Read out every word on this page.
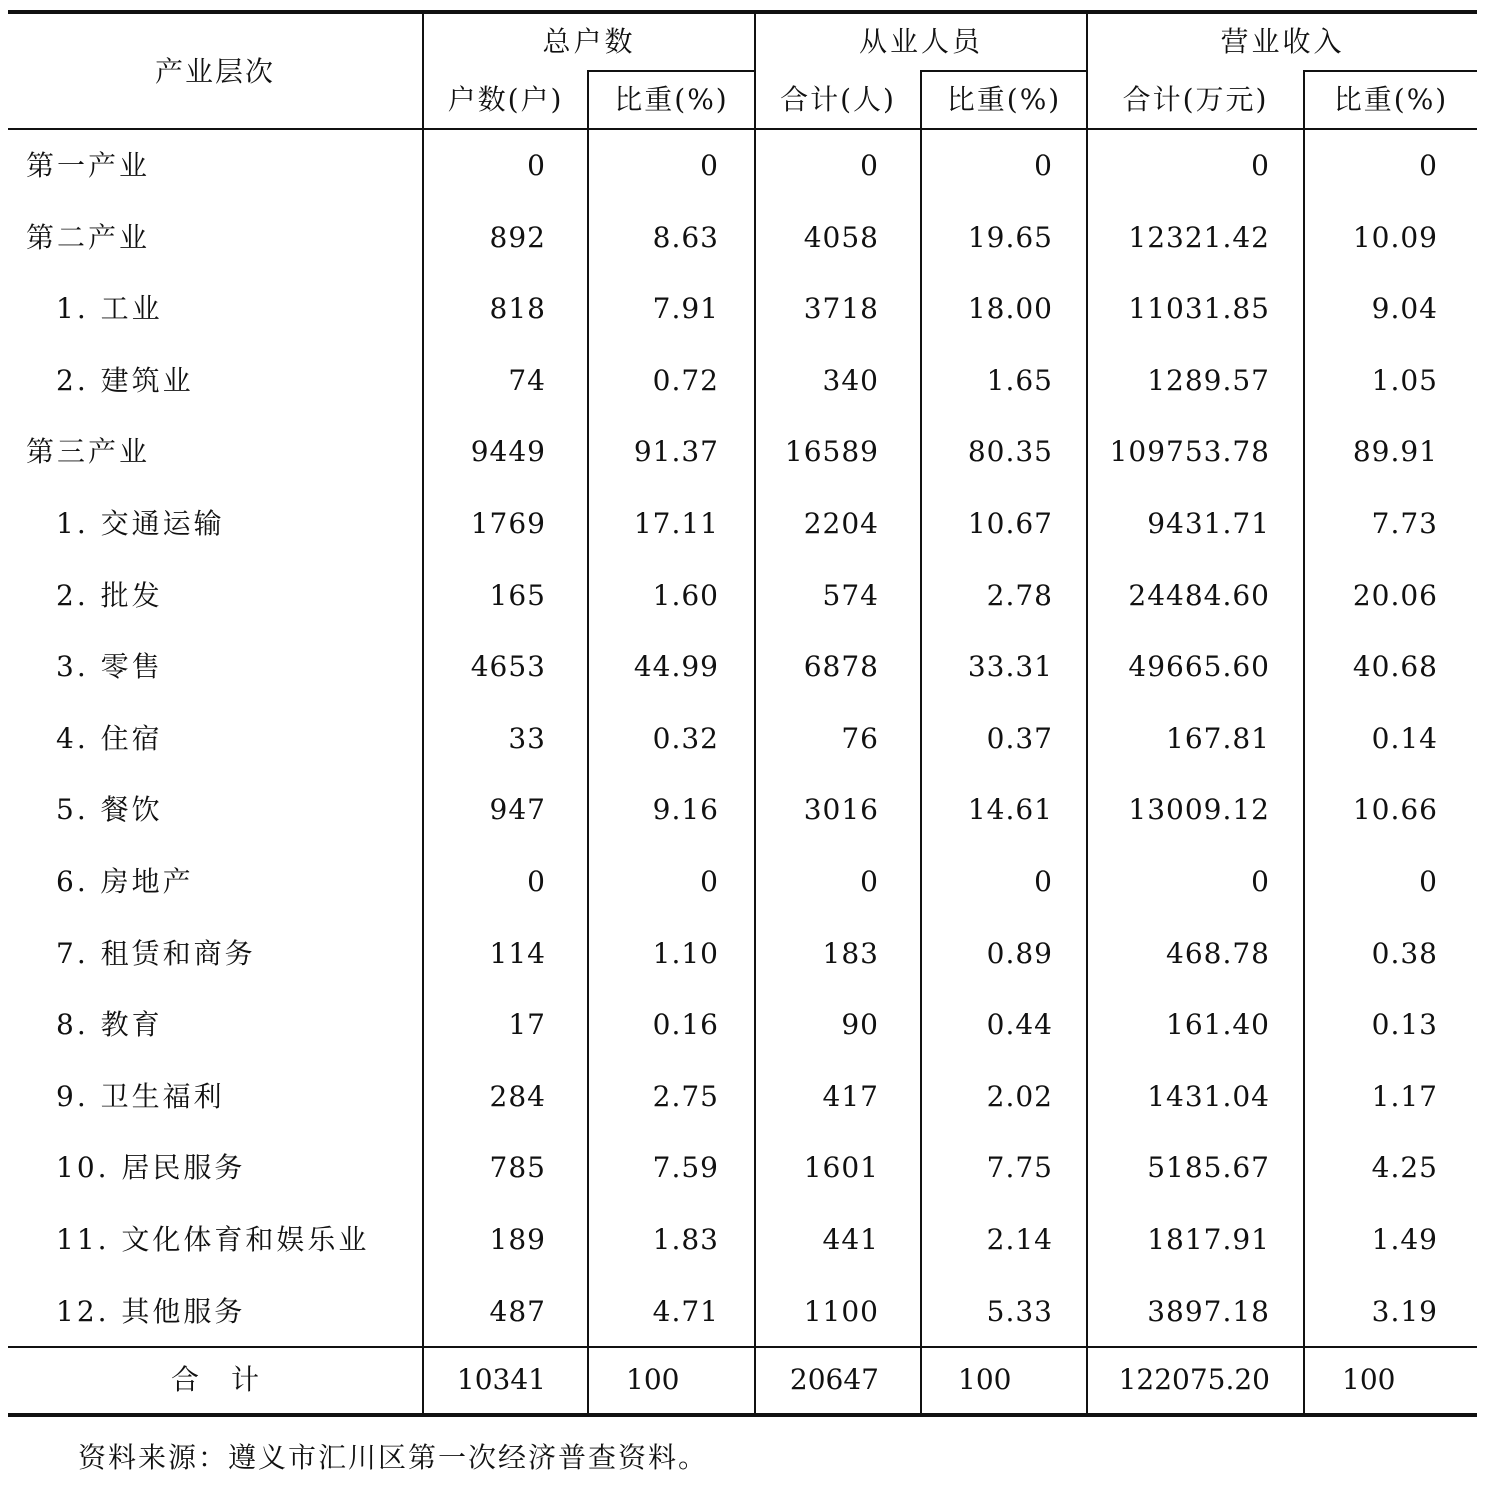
产业层次
总户数	从业人员	营业收入
户数(户)	比重(%)	合计(人)	比重(%)	合计(万元)	比重(%)
第一产业	0	0	0	0	0	0
第二产业	892	8.63	4058	19.65	12321.42	10.09
1. 工业	818	7.91	3718	18.00	11031.85	9.04
2. 建筑业	74	0.72	340	1.65	1289.57	1.05
第三产业	9449	91.37	16589	80.35	109753.78	89.91
1. 交通运输	1769	17.11	2204	10.67	9431.71	7.73
2. 批发	165	1.60	574	2.78	24484.60	20.06
3. 零售	4653	44.99	6878	33.31	49665.60	40.68
4. 住宿	33	0.32	76	0.37	167.81	0.14
5. 餐饮	947	9.16	3016	14.61	13009.12	10.66
6. 房地产	0	0	0	0	0	0
7. 租赁和商务	114	1.10	183	0.89	468.78	0.38
8. 教育	17	0.16	90	0.44	161.40	0.13
9. 卫生福利	284	2.75	417	2.02	1431.04	1.17
10. 居民服务	785	7.59	1601	7.75	5185.67	4.25
11. 文化体育和娱乐业	189	1.83	441	2.14	1817.91	1.49
12. 其他服务	487	4.71	1100	5.33	3897.18	3.19
合　计	10341	100	20647	100	122075.20	100
资料来源：遵义市汇川区第一次经济普查资料。
